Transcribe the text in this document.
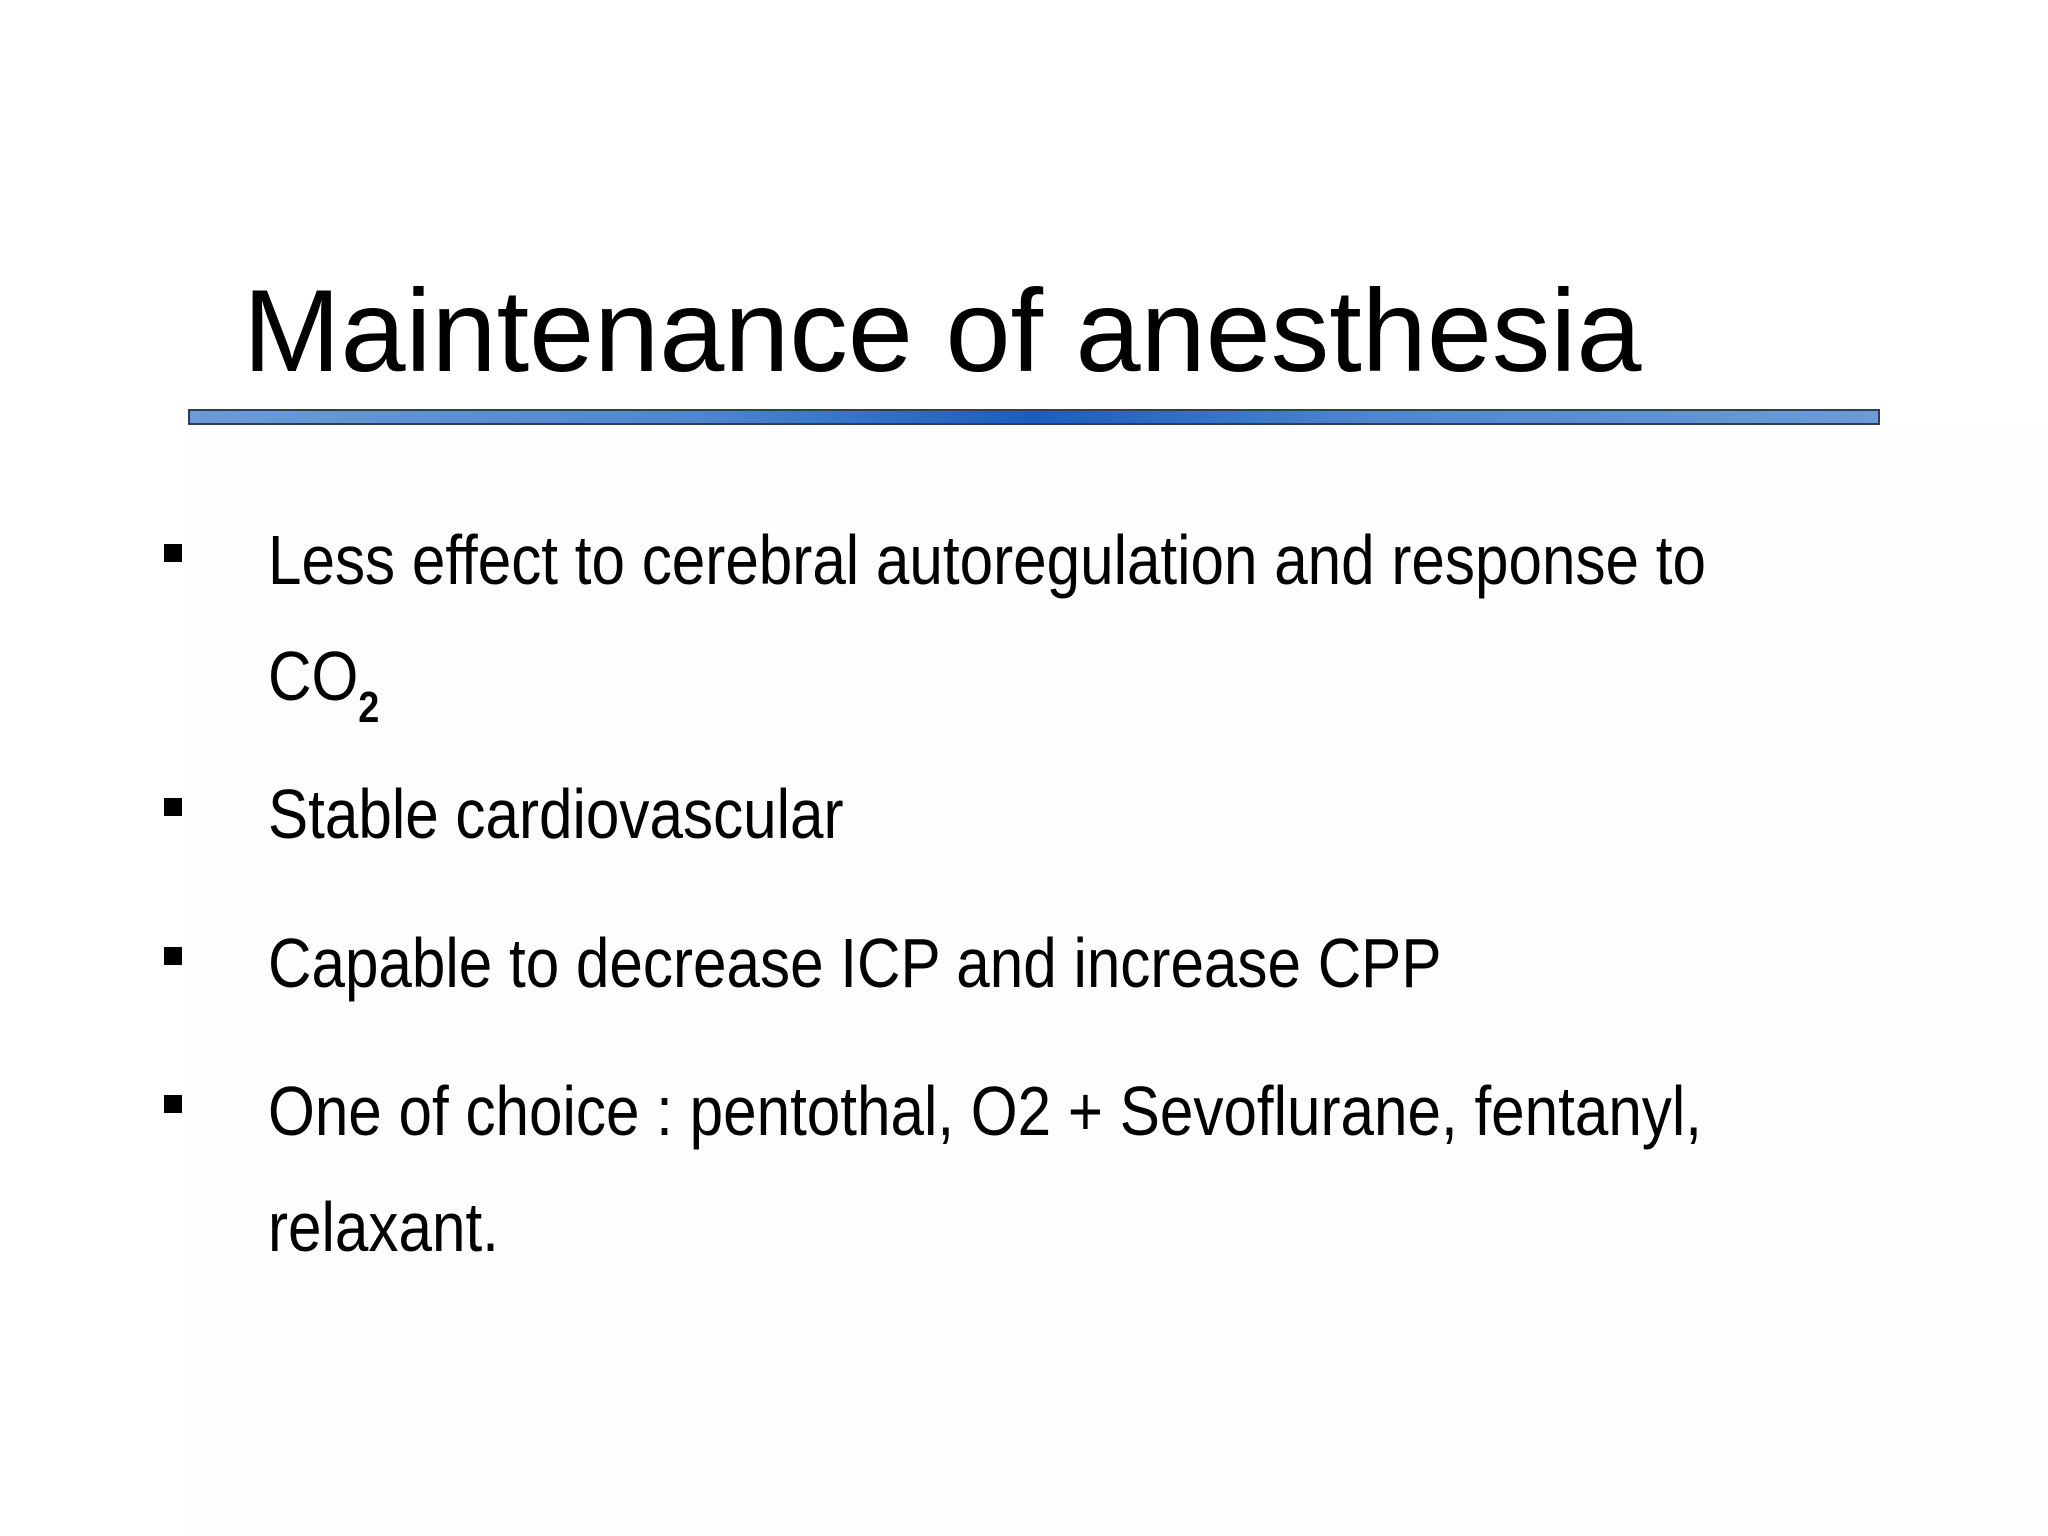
Maintenance of anesthesia
Less effect to cerebral autoregulation and response to
$CO_2$
Stable cardiovascular
Capable to decrease ICP and increase CPP
One of choice : pentothal, O2 + Sevoflurane, fentanyl,
relaxant.
